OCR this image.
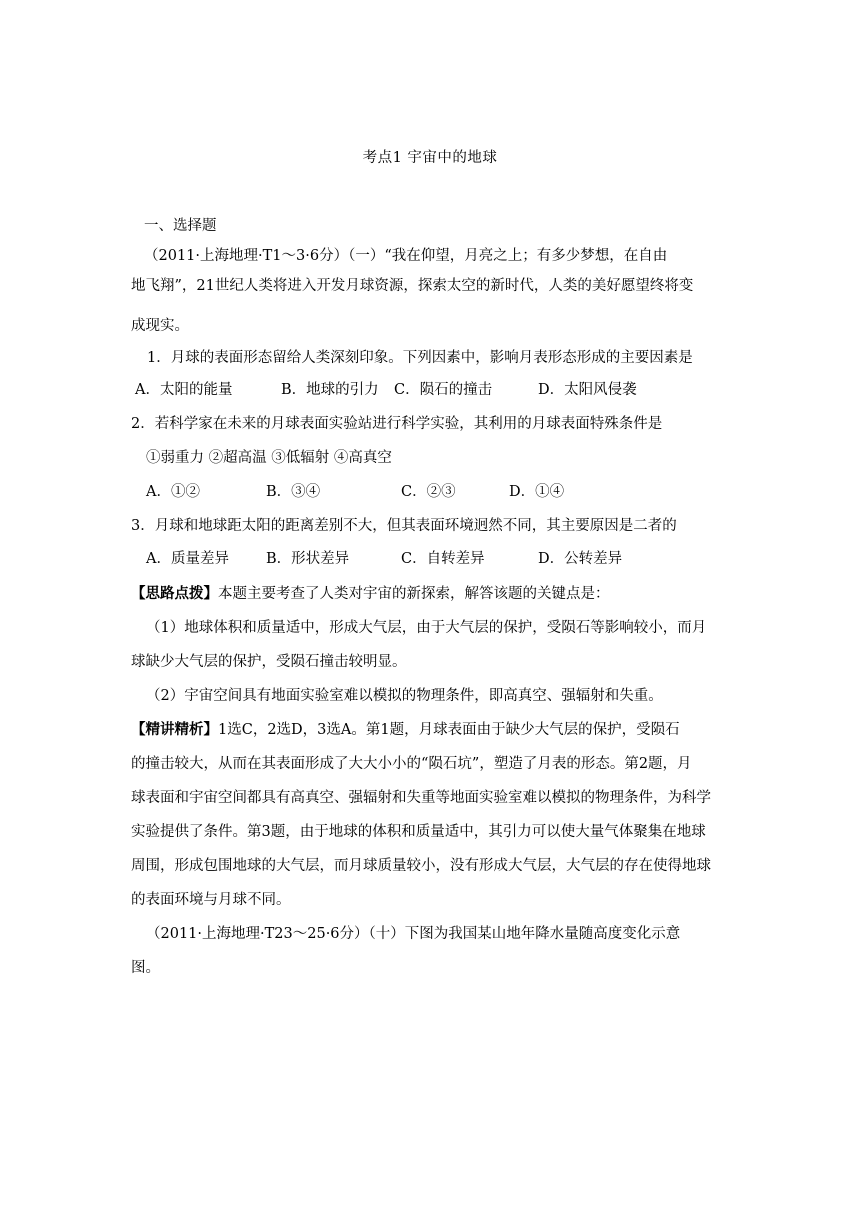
考点1 宇宙中的地球
一、选择题
（2011·上海地理·T1～3·6分）（一）“我在仰望，月亮之上；有多少梦想，在自由
地飞翔”，21世纪人类将进入开发月球资源，探索太空的新时代，人类的美好愿望终将变
成现实。
1．月球的表面形态留给人类深刻印象。下列因素中，影响月表形态形成的主要因素是
A．太阳的能量	B．地球的引力 C．陨石的撞击	D．太阳风侵袭
2．若科学家在未来的月球表面实验站进行科学实验，其利用的月球表面特殊条件是
①弱重力 ②超高温 ③低辐射 ④高真空
A．①②	B．③④	C．②③	D．①④
3．月球和地球距太阳的距离差别不大，但其表面环境迥然不同，其主要原因是二者的
A．质量差异	B．形状差异	C．自转差异	D．公转差异
【思路点拨】本题主要考查了人类对宇宙的新探索，解答该题的关键点是：
（1）地球体积和质量适中，形成大气层，由于大气层的保护，受陨石等影响较小，而月
球缺少大气层的保护，受陨石撞击较明显。
（2）宇宙空间具有地面实验室难以模拟的物理条件，即高真空、强辐射和失重。
【精讲精析】1选C，2选D，3选A。第1题，月球表面由于缺少大气层的保护，受陨石
的撞击较大，从而在其表面形成了大大小小的“陨石坑”，塑造了月表的形态。第2题，月
球表面和宇宙空间都具有高真空、强辐射和失重等地面实验室难以模拟的物理条件，为科学
实验提供了条件。第3题，由于地球的体积和质量适中，其引力可以使大量气体聚集在地球
周围，形成包围地球的大气层，而月球质量较小，没有形成大气层，大气层的存在使得地球
的表面环境与月球不同。
（2011·上海地理·T23～25·6分）（十）下图为我国某山地年降水量随高度变化示意
图。
